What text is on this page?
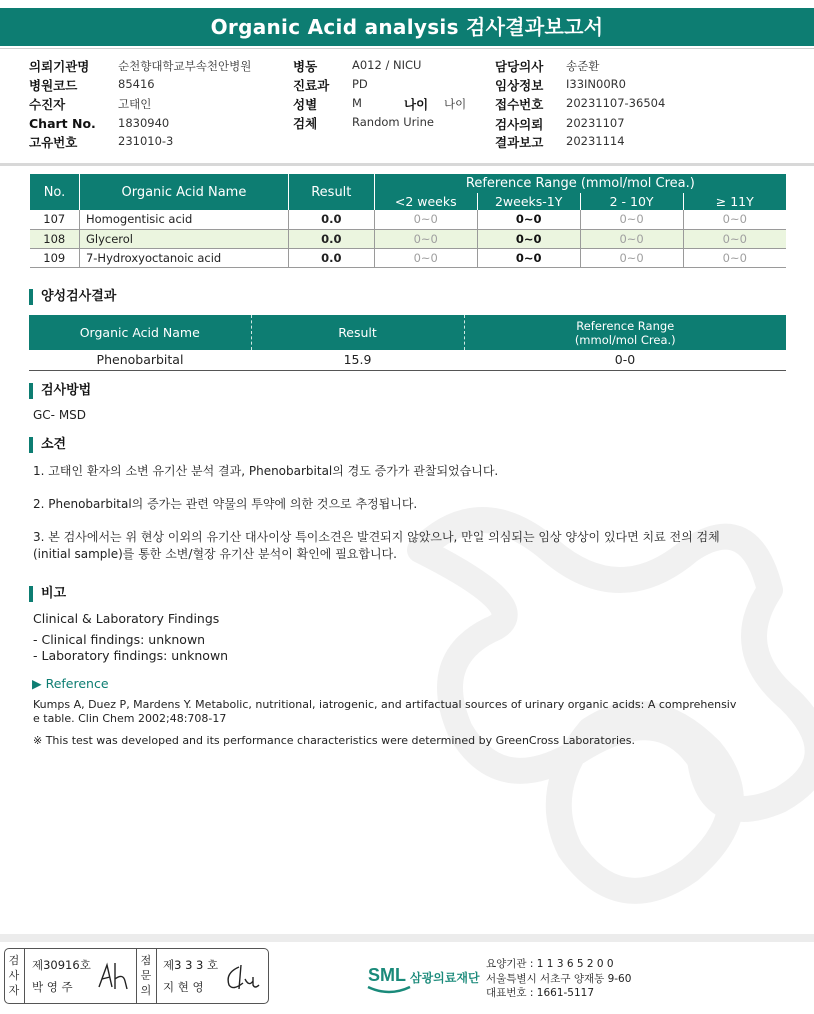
Organic Acid analysis 검사결과보고서
의뢰기관명 순천향대학교부속천안병원
병원코드	85416
수진자	고태인
Chart No. 1830940
고유번호	231010-3
병동	A012 / NICU
진료과 PD
성별	M	나이 나이
검체	Random Urine
담당의사 송준환
임상정보 I33IN00R0
접수번호 20231107-36504
검사의뢰 20231107
결과보고 20231114
No.	Organic Acid Name	Result	Reference Range (mmol/mol Crea.)			
			<2 weeks	2weeks-1Y	2 - 10Y	≥ 11Y
107	Homogentisic acid	0.0	0~0	0~0	0~0	0~0
108	Glycerol	0.0	0~0	0~0	0~0	0~0
109	7-Hydroxyoctanoic acid	0.0	0~0	0~0	0~0	0~0
양성검사결과
Organic Acid Name	Result	Reference Range
(mmol/mol Crea.)

Phenobarbital	15.9	0-0
검사방법
GC- MSD
소견
1. 고태인 환자의 소변 유기산 분석 결과, Phenobarbital의 경도 증가가 관찰되었습니다.
2. Phenobarbital의 증가는 관련 약물의 투약에 의한 것으로 추정됩니다.
3. 본 검사에서는 위 현상 이외의 유기산 대사이상 특이소견은 발견되지 않았으나, 만일 의심되는 임상 양상이 있다면 치료 전의 검체
(initial sample)를 통한 소변/혈장 유기산 분석이 확인에 필요합니다.
비고
Clinical & Laboratory Findings
- Clinical findings: unknown
- Laboratory findings: unknown
▶ Reference
Kumps A, Duez P, Mardens Y. Metabolic, nutritional, iatrogenic, and artifactual sources of urinary organic acids: A comprehensiv
e table. Clin Chem 2002;48:708-17
※ This test was developed and its performance characteristics were determined by GreenCross Laboratories.
검
사
자
제30916호
박 영 주
점
문
의
제3 3 3 호
지 현 영
SML 삼광의료재단
요양기관 : 1 1 3 6 5 2 0 0
서울특별시 서초구 양재동 9-60
대표번호 : 1661-5117
